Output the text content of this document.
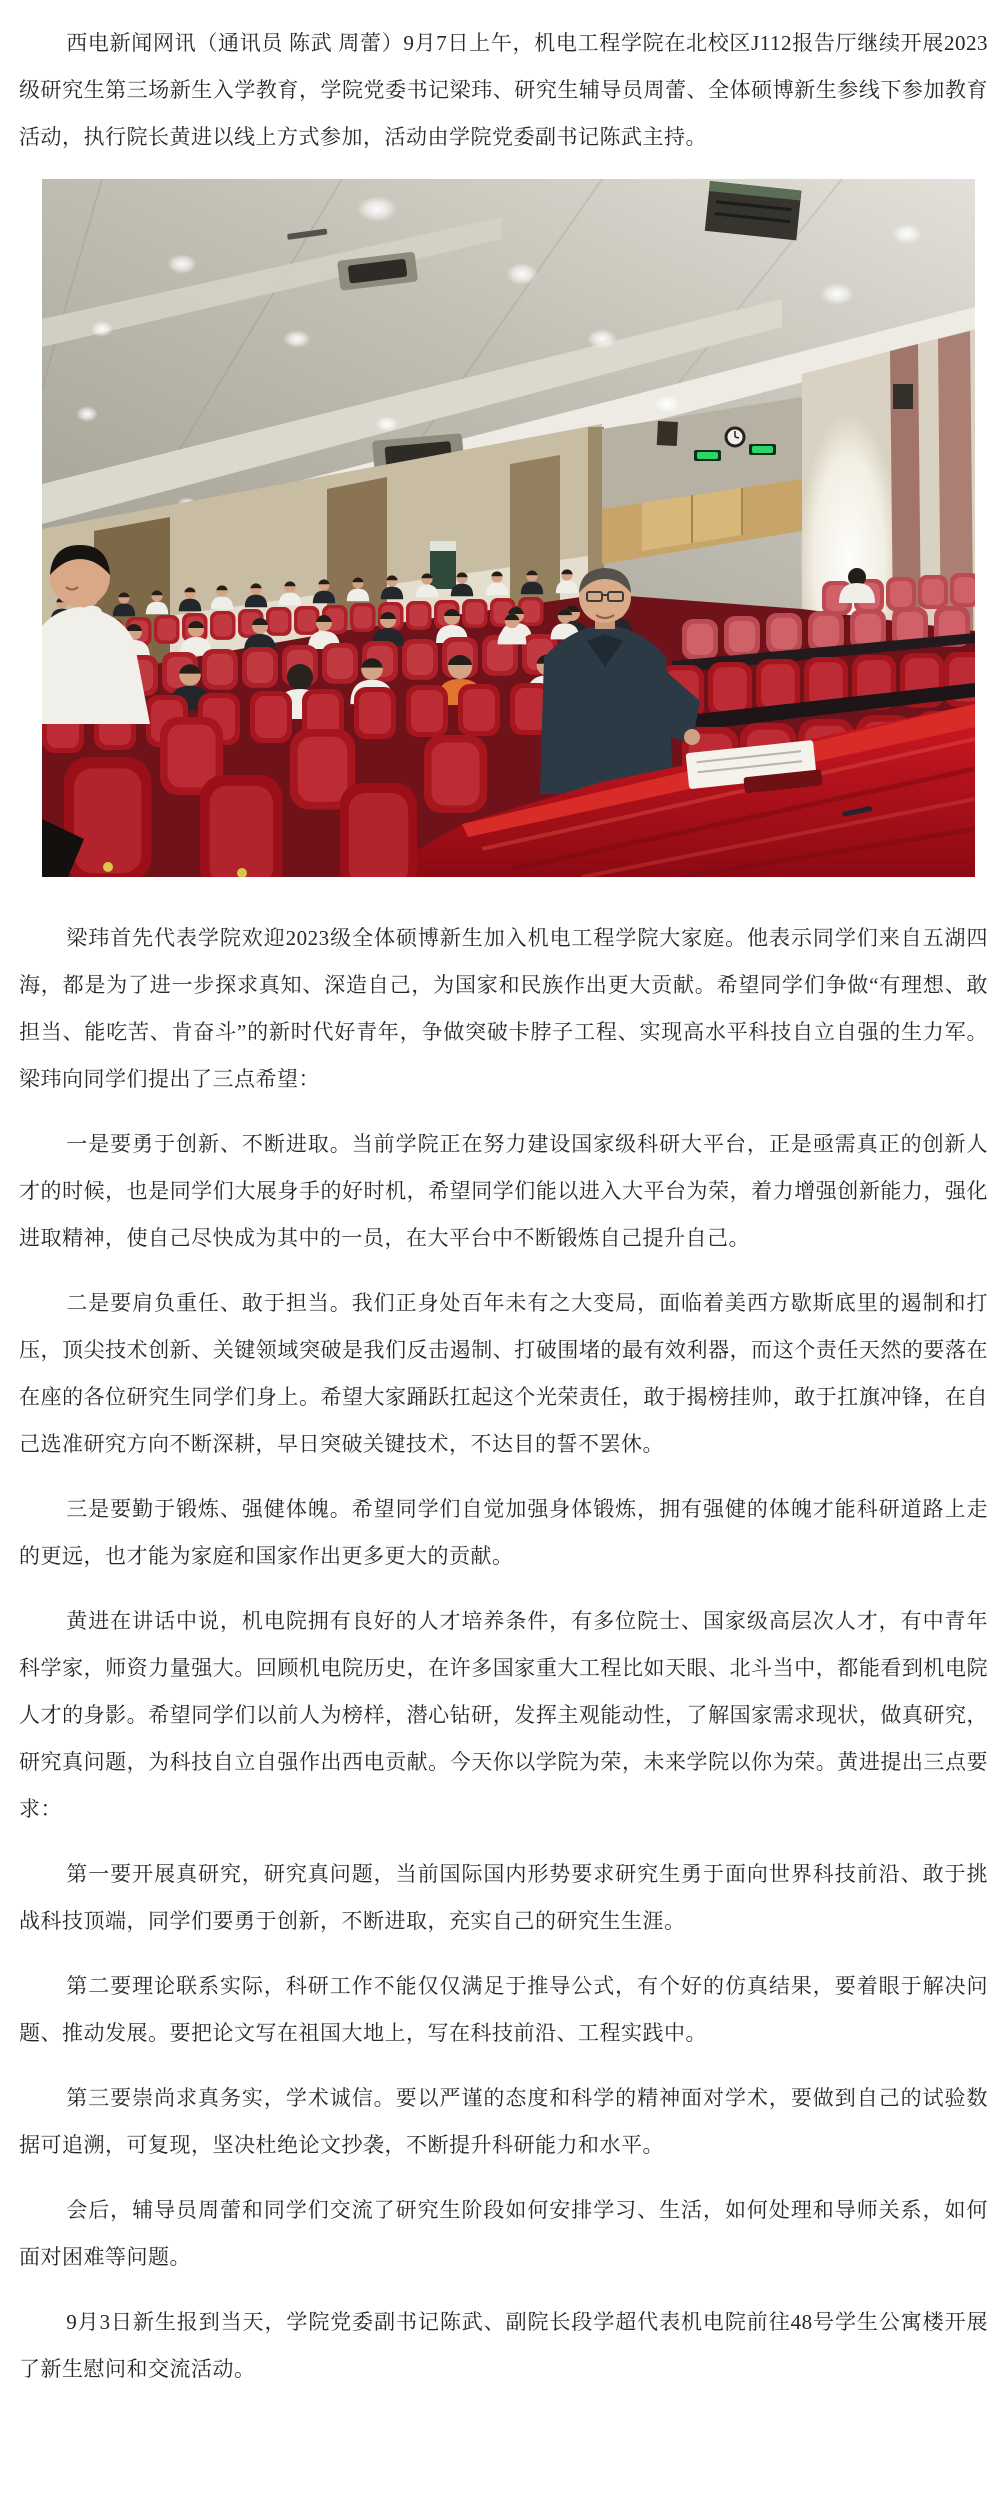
西电新闻网讯（通讯员 陈武 周蕾）9月7日上午，机电工程学院在北校区J112报告厅继续开展2023级研究生第三场新生入学教育，学院党委书记梁玮、研究生辅导员周蕾、全体硕博新生参线下参加教育活动，执行院长黄进以线上方式参加，活动由学院党委副书记陈武主持。

梁玮首先代表学院欢迎2023级全体硕博新生加入机电工程学院大家庭。他表示同学们来自五湖四海，都是为了进一步探求真知、深造自己，为国家和民族作出更大贡献。希望同学们争做“有理想、敢担当、能吃苦、肯奋斗”的新时代好青年，争做突破卡脖子工程、实现高水平科技自立自强的生力军。梁玮向同学们提出了三点希望：

一是要勇于创新、不断进取。当前学院正在努力建设国家级科研大平台，正是亟需真正的创新人才的时候，也是同学们大展身手的好时机，希望同学们能以进入大平台为荣，着力增强创新能力，强化进取精神，使自己尽快成为其中的一员，在大平台中不断锻炼自己提升自己。

二是要肩负重任、敢于担当。我们正身处百年未有之大变局，面临着美西方歇斯底里的遏制和打压，顶尖技术创新、关键领域突破是我们反击遏制、打破围堵的最有效利器，而这个责任天然的要落在在座的各位研究生同学们身上。希望大家踊跃扛起这个光荣责任，敢于揭榜挂帅，敢于扛旗冲锋，在自己选准研究方向不断深耕，早日突破关键技术，不达目的誓不罢休。

三是要勤于锻炼、强健体魄。希望同学们自觉加强身体锻炼，拥有强健的体魄才能科研道路上走的更远，也才能为家庭和国家作出更多更大的贡献。

黄进在讲话中说，机电院拥有良好的人才培养条件，有多位院士、国家级高层次人才，有中青年科学家，师资力量强大。回顾机电院历史，在许多国家重大工程比如天眼、北斗当中，都能看到机电院人才的身影。希望同学们以前人为榜样，潜心钻研，发挥主观能动性，了解国家需求现状，做真研究，研究真问题，为科技自立自强作出西电贡献。今天你以学院为荣，未来学院以你为荣。黄进提出三点要求：

第一要开展真研究，研究真问题，当前国际国内形势要求研究生勇于面向世界科技前沿、敢于挑战科技顶端，同学们要勇于创新，不断进取，充实自己的研究生生涯。

第二要理论联系实际，科研工作不能仅仅满足于推导公式，有个好的仿真结果，要着眼于解决问题、推动发展。要把论文写在祖国大地上，写在科技前沿、工程实践中。

第三要崇尚求真务实，学术诚信。要以严谨的态度和科学的精神面对学术，要做到自己的试验数据可追溯，可复现，坚决杜绝论文抄袭，不断提升科研能力和水平。

会后，辅导员周蕾和同学们交流了研究生阶段如何安排学习、生活，如何处理和导师关系，如何面对困难等问题。

9月3日新生报到当天，学院党委副书记陈武、副院长段学超代表机电院前往48号学生公寓楼开展了新生慰问和交流活动。
